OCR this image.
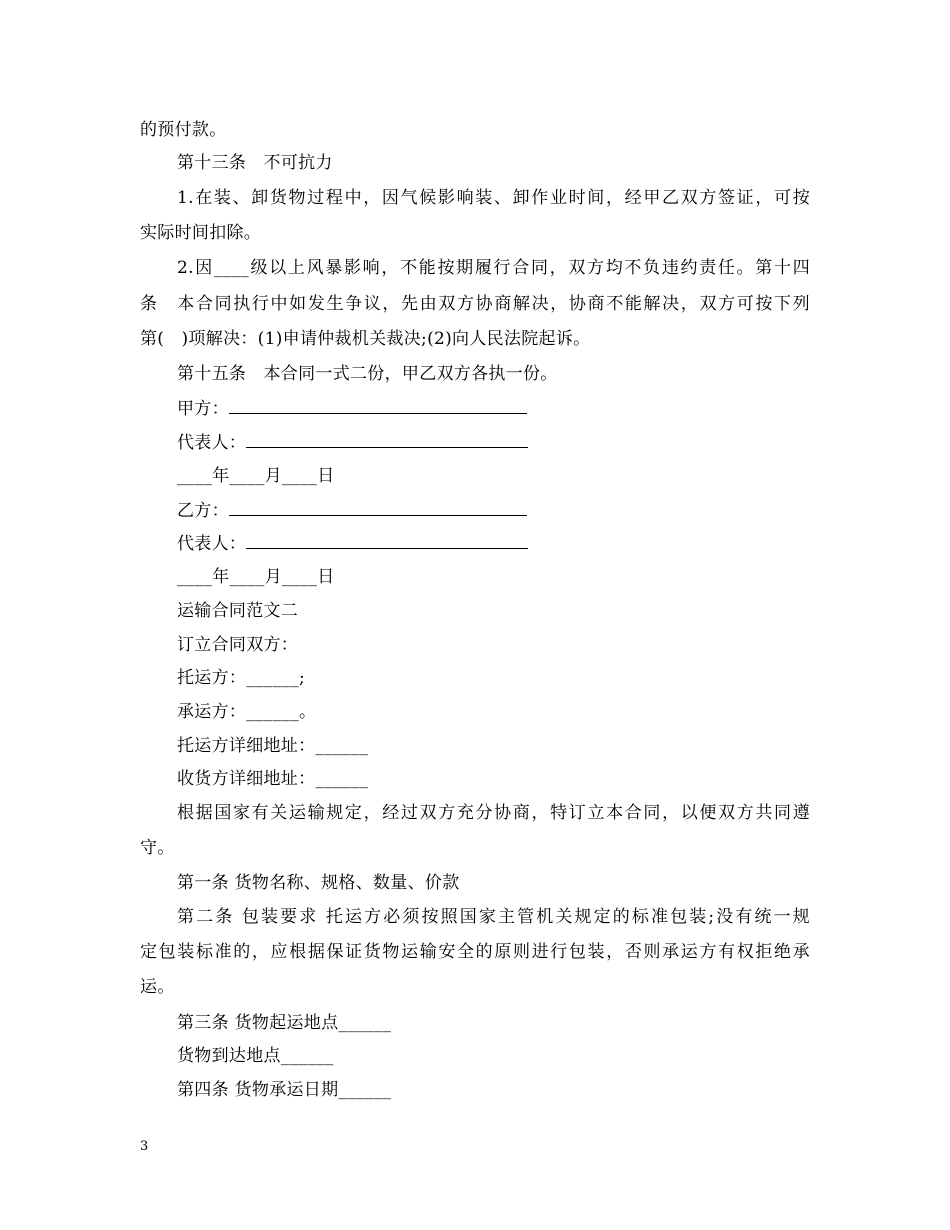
的预付款。
第十三条　不可抗力
1.在装、卸货物过程中，因气候影响装、卸作业时间，经甲乙双方签证，可按
实际时间扣除。
2.因____级以上风暴影响，不能按期履行合同，双方均不负违约责任。第十四
条　本合同执行中如发生争议，先由双方协商解决，协商不能解决，双方可按下列
第(　)项解决：(1)申请仲裁机关裁决;(2)向人民法院起诉。
第十五条　本合同一式二份，甲乙双方各执一份。
甲方：
代表人：
____年____月____日
乙方：
代表人：
____年____月____日
运输合同范文二
订立合同双方：
托运方：______;
承运方：______。
托运方详细地址：______
收货方详细地址：______
根据国家有关运输规定，经过双方充分协商，特订立本合同，以便双方共同遵
守。
第一条 货物名称、规格、数量、价款
第二条 包装要求 托运方必须按照国家主管机关规定的标准包装;没有统一规
定包装标准的，应根据保证货物运输安全的原则进行包装，否则承运方有权拒绝承
运。
第三条 货物起运地点______
货物到达地点______
第四条 货物承运日期______
3
